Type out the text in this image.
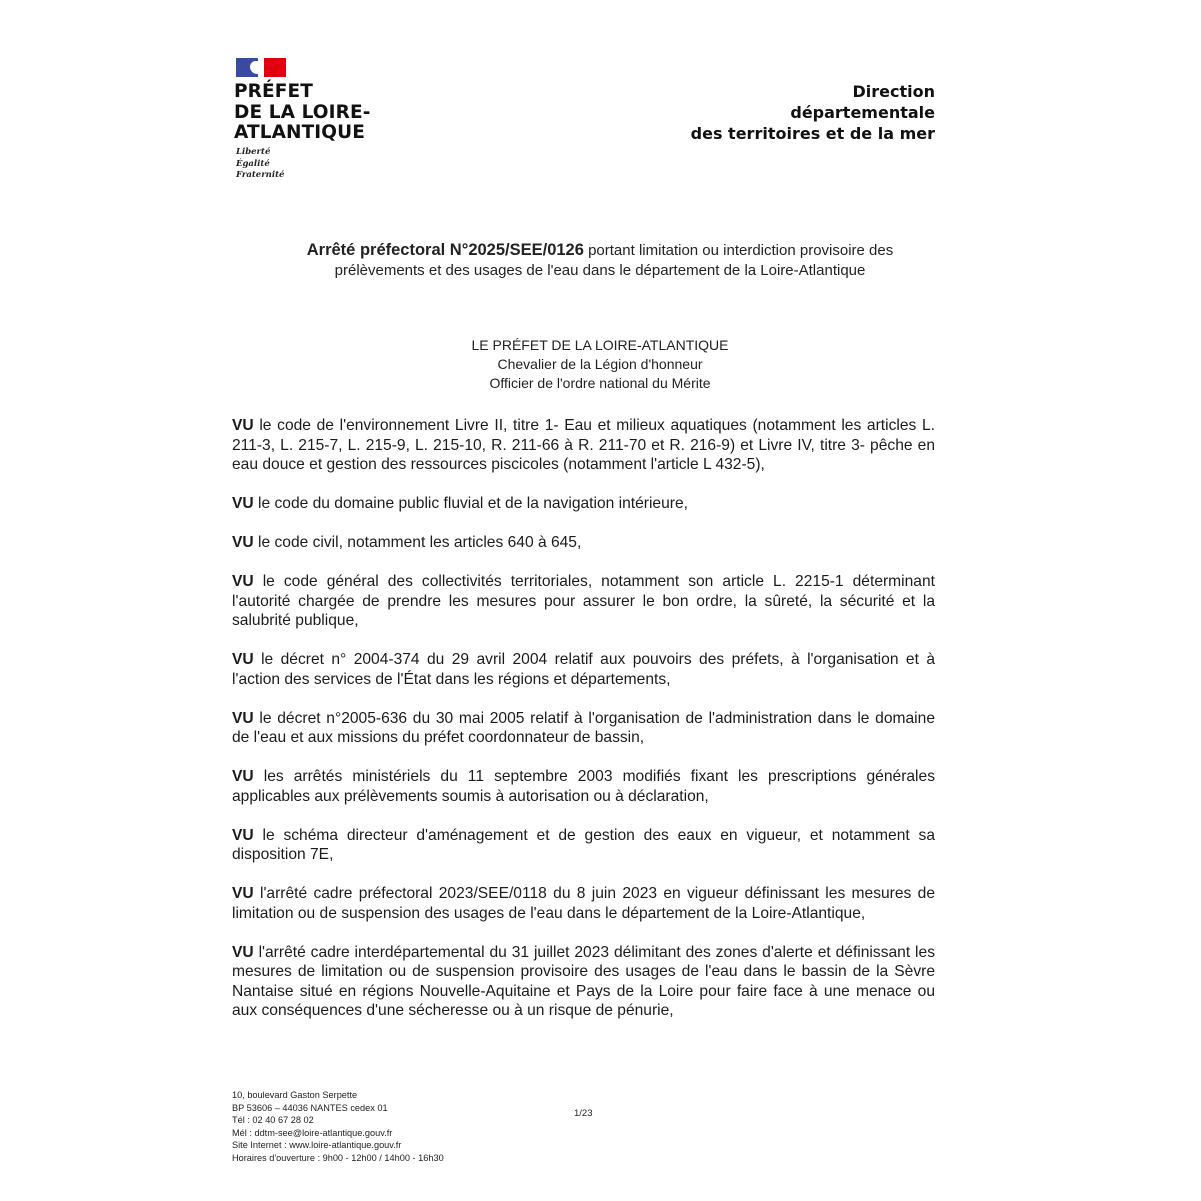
PRÉFET
DE LA LOIRE-
ATLANTIQUE
Liberté
Égalité
Fraternité
Direction
départementale
des territoires et de la mer
Arrêté préfectoral N°2025/SEE/0126 portant limitation ou interdiction provisoire des
prélèvements et des usages de l'eau dans le département de la Loire-Atlantique
LE PRÉFET DE LA LOIRE-ATLANTIQUE
Chevalier de la Légion d'honneur
Officier de l'ordre national du Mérite

VU le code de l'environnement Livre II, titre 1- Eau et milieux aquatiques (notamment les articles L. 211-3, L. 215-7, L. 215-9, L. 215-10, R. 211-66 à R. 211-70 et R. 216-9) et Livre IV, titre 3- pêche en eau douce et gestion des ressources piscicoles (notamment l'article L 432-5),

VU le code du domaine public fluvial et de la navigation intérieure,

VU le code civil, notamment les articles 640 à 645,

VU le code général des collectivités territoriales, notamment son article L. 2215-1 déterminant l'autorité chargée de prendre les mesures pour assurer le bon ordre, la sûreté, la sécurité et la salubrité publique,

VU le décret n° 2004-374 du 29 avril 2004 relatif aux pouvoirs des préfets, à l'organisation et à l'action des services de l'État dans les régions et départements,

VU le décret n°2005-636 du 30 mai 2005 relatif à l'organisation de l'administration dans le domaine de l'eau et aux missions du préfet coordonnateur de bassin,

VU les arrêtés ministériels du 11 septembre 2003 modifiés fixant les prescriptions générales applicables aux prélèvements soumis à autorisation ou à déclaration,

VU le schéma directeur d'aménagement et de gestion des eaux en vigueur, et notamment sa disposition 7E,

VU l'arrêté cadre préfectoral 2023/SEE/0118 du 8 juin 2023 en vigueur définissant les mesures de limitation ou de suspension des usages de l'eau dans le département de la Loire-Atlantique,

VU l'arrêté cadre interdépartemental du 31 juillet 2023 délimitant des zones d'alerte et définissant les mesures de limitation ou de suspension provisoire des usages de l'eau dans le bassin de la Sèvre Nantaise situé en régions Nouvelle-Aquitaine et Pays de la Loire pour faire face à une menace ou aux conséquences d'une sécheresse ou à un risque de pénurie,

10, boulevard Gaston Serpette
BP 53606 – 44036 NANTES cedex 01
Tél : 02 40 67 28 02
Mél : ddtm-see@loire-atlantique.gouv.fr
Site Internet : www.loire-atlantique.gouv.fr
Horaires d'ouverture : 9h00 - 12h00 / 14h00 - 16h30
1/23
